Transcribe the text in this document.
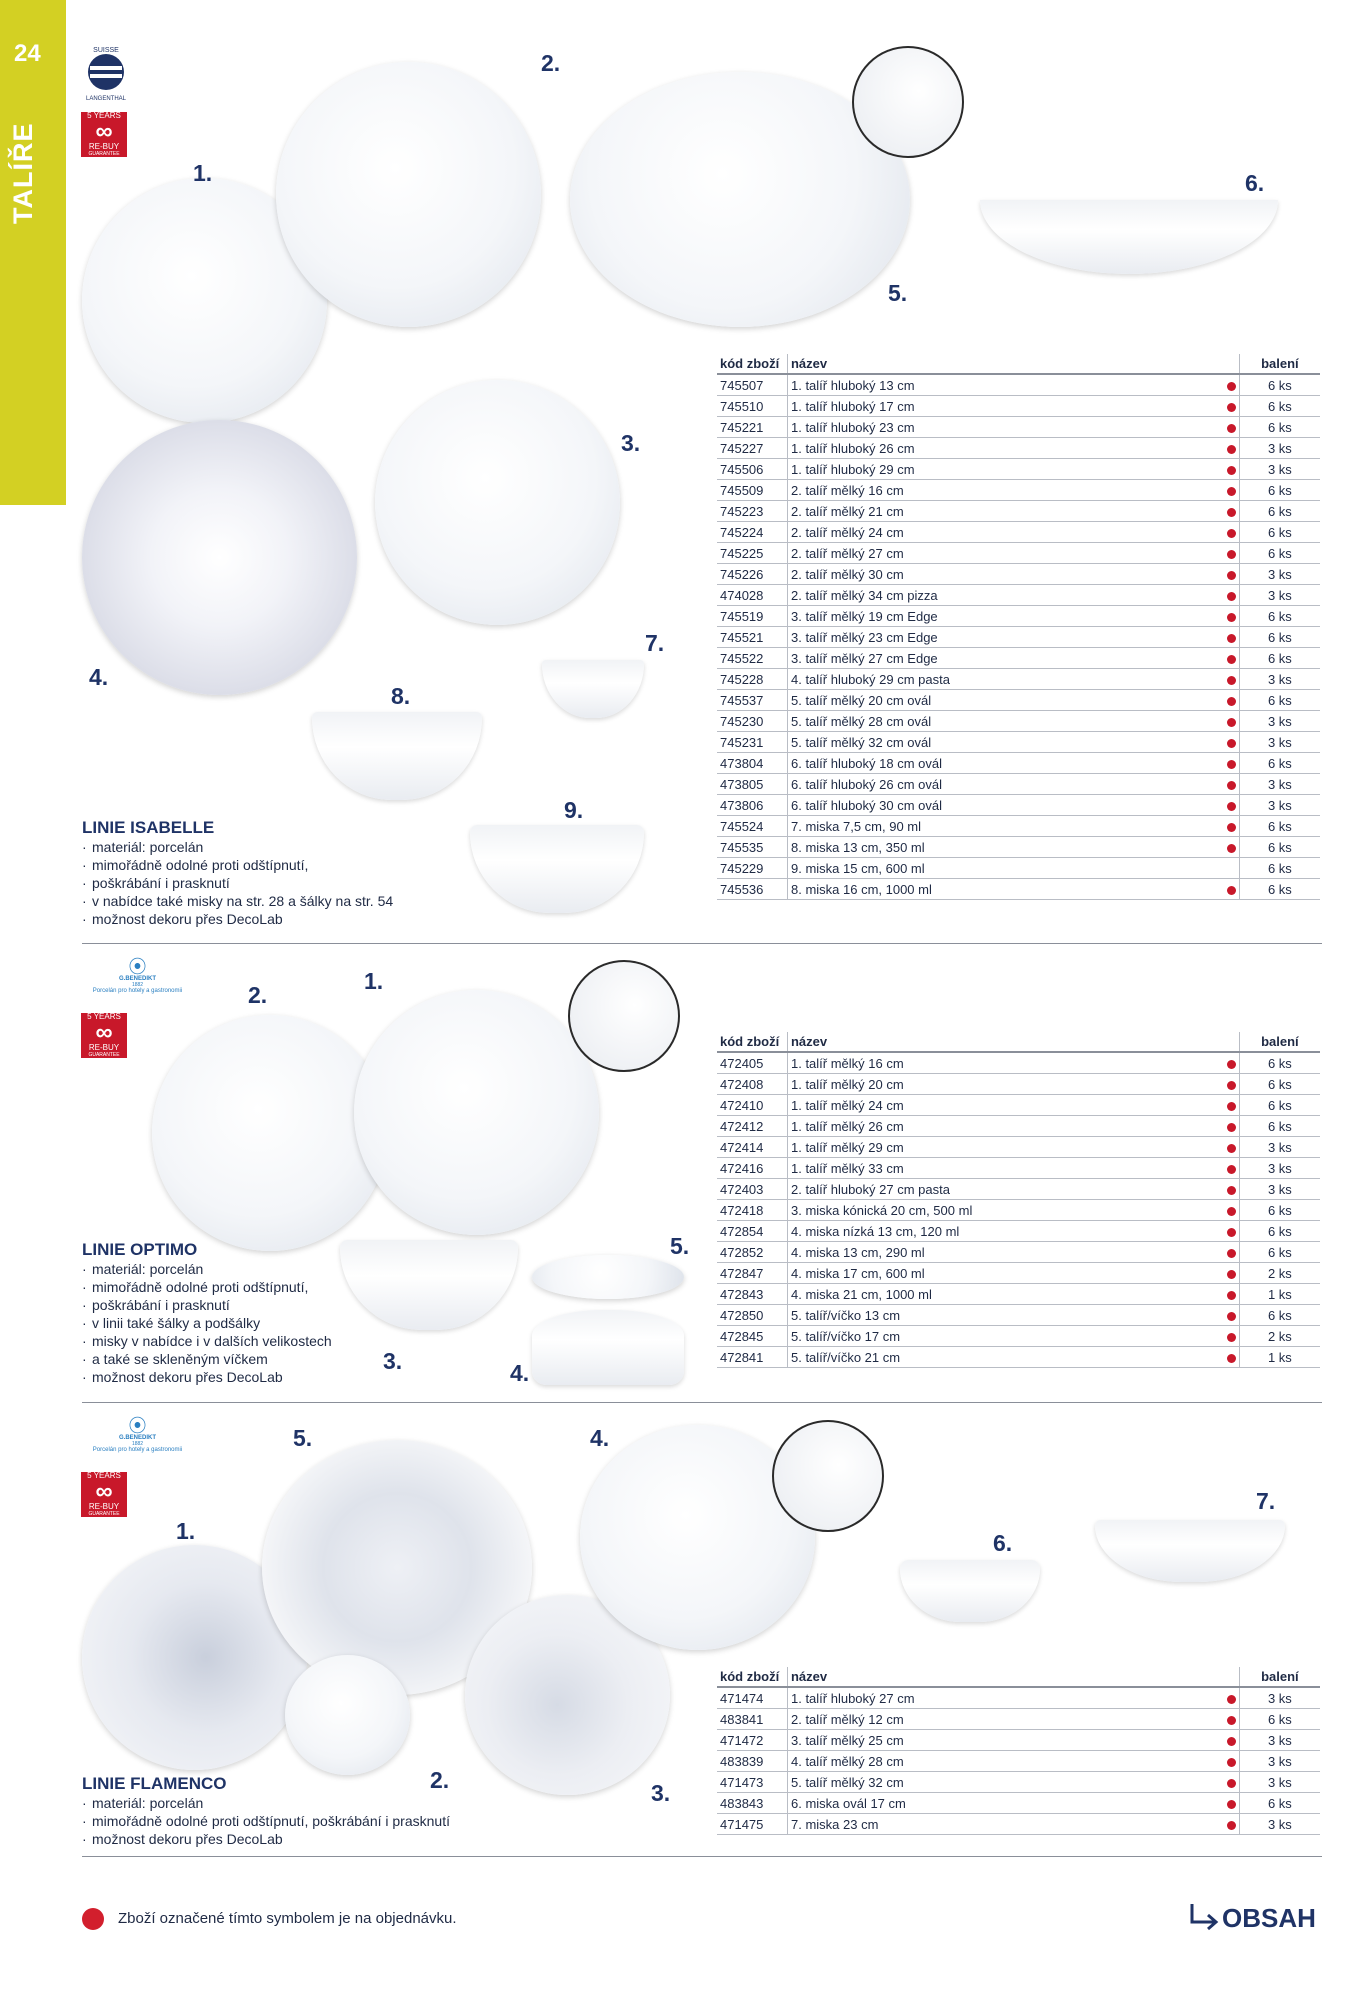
24
TALÍŘE
SUISSE
LANGENTHAL
5 YEARS
∞
RE-BUY
GUARANTEE
1.
2.
3.
4.
5.
6.
7.
8.
9.
LINIE ISABELLE
· materiál: porcelán
· mimořádně odolné proti odštípnutí,
· poškrábání i prasknutí
· v nabídce také misky na str. 28 a šálky na str. 54
· možnost dekoru přes DecoLab
kód zboží	název	balení
745507	1. talíř hluboký 13 cm	6 ks
745510	1. talíř hluboký 17 cm	6 ks
745221	1. talíř hluboký 23 cm	6 ks
745227	1. talíř hluboký 26 cm	3 ks
745506	1. talíř hluboký 29 cm	3 ks
745509	2. talíř mělký 16 cm	6 ks
745223	2. talíř mělký 21 cm	6 ks
745224	2. talíř mělký 24 cm	6 ks
745225	2. talíř mělký 27 cm	6 ks
745226	2. talíř mělký 30 cm	3 ks
474028	2. talíř mělký 34 cm pizza	3 ks
745519	3. talíř mělký 19 cm Edge	6 ks
745521	3. talíř mělký 23 cm Edge	6 ks
745522	3. talíř mělký 27 cm Edge	6 ks
745228	4. talíř hluboký 29 cm pasta	3 ks
745537	5. talíř mělký 20 cm ovál	6 ks
745230	5. talíř mělký 28 cm ovál	3 ks
745231	5. talíř mělký 32 cm ovál	3 ks
473804	6. talíř hluboký 18 cm ovál	6 ks
473805	6. talíř hluboký 26 cm ovál	3 ks
473806	6. talíř hluboký 30 cm ovál	3 ks
745524	7. miska 7,5 cm, 90 ml	6 ks
745535	8. miska 13 cm, 350 ml	6 ks
745229	9. miska 15 cm, 600 ml	6 ks
745536	8. miska 16 cm, 1000 ml	6 ks
⦿
G.BENEDIKT
1882
Porcelán pro hotely a gastronomii
5 YEARS
∞
RE-BUY
GUARANTEE
1.
2.
3.	4.
5.
LINIE OPTIMO
· materiál: porcelán
· mimořádně odolné proti odštípnutí,
· poškrábání i prasknutí
· v linii také šálky a podšálky
· misky v nabídce i v dalších velikostech
· a také se skleněným víčkem
· možnost dekoru přes DecoLab
kód zboží	název	balení
472405	1. talíř mělký 16 cm	6 ks
472408	1. talíř mělký 20 cm	6 ks
472410	1. talíř mělký 24 cm	6 ks
472412	1. talíř mělký 26 cm	6 ks
472414	1. talíř mělký 29 cm	3 ks
472416	1. talíř mělký 33 cm	3 ks
472403	2. talíř hluboký 27 cm pasta	3 ks
472418	3. miska kónická 20 cm, 500 ml	6 ks
472854	4. miska nízká 13 cm, 120 ml	6 ks
472852	4. miska 13 cm, 290 ml	6 ks
472847	4. miska 17 cm, 600 ml	2 ks
472843	4. miska 21 cm, 1000 ml	1 ks
472850	5. talíř/víčko 13 cm	6 ks
472845	5. talíř/víčko 17 cm	2 ks
472841	5. talíř/víčko 21 cm	1 ks
⦿
G.BENEDIKT
1882
Porcelán pro hotely a gastronomii
5 YEARS
∞
RE-BUY
GUARANTEE
1.
2.	3.
4.
5.
6.
7.
LINIE FLAMENCO
· materiál: porcelán
· mimořádně odolné proti odštípnutí, poškrábání i prasknutí
· možnost dekoru přes DecoLab
kód zboží	název	balení
471474	1. talíř hluboký 27 cm	3 ks
483841	2. talíř mělký 12 cm	6 ks
471472	3. talíř mělký 25 cm	3 ks
483839	4. talíř mělký 28 cm	3 ks
471473	5. talíř mělký 32 cm	3 ks
483843	6. miska ovál 17 cm	6 ks
471475	7. miska 23 cm	3 ks
Zboží označené tímto symbolem je na objednávku.	OBSAH
